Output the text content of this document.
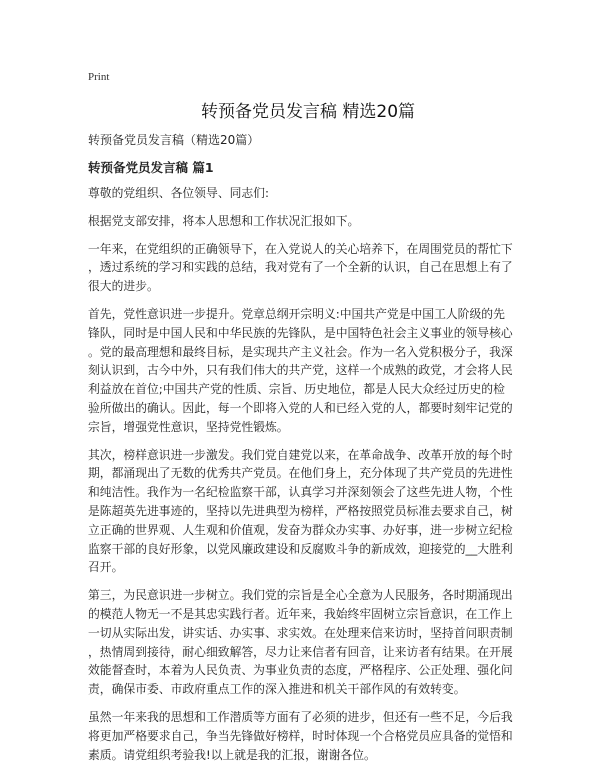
Print
转预备党员发言稿 精选20篇
转预备党员发言稿（精选20篇）
转预备党员发言稿 篇1
尊敬的党组织、各位领导、同志们:
根据党支部安排，将本人思想和工作状况汇报如下。
一年来，在党组织的正确领导下，在入党说人的关心培养下，在周围党员的帮忙下
，透过系统的学习和实践的总结，我对党有了一个全新的认识，自己在思想上有了
很大的进步。
首先，党性意识进一步提升。党章总纲开宗明义:中国共产党是中国工人阶级的先
锋队，同时是中国人民和中华民族的先锋队，是中国特色社会主义事业的领导核心
。党的最高理想和最终目标，是实现共产主义社会。作为一名入党积极分子，我深
刻认识到，古今中外，只有我们伟大的共产党，这样一个成熟的政党，才会将人民
利益放在首位;中国共产党的性质、宗旨、历史地位，都是人民大众经过历史的检
验所做出的确认。因此，每一个即将入党的人和已经入党的人，都要时刻牢记党的
宗旨，增强党性意识，坚持党性锻炼。
其次，榜样意识进一步激发。我们党自建党以来，在革命战争、改革开放的每个时
期，都涌现出了无数的优秀共产党员。在他们身上，充分体现了共产党员的先进性
和纯洁性。我作为一名纪检监察干部，认真学习并深刻领会了这些先进人物，个性
是陈超英先进事迹的，坚持以先进典型为榜样，严格按照党员标准去要求自己，树
立正确的世界观、人生观和价值观，发奋为群众办实事、办好事，进一步树立纪检
监察干部的良好形象，以党风廉政建设和反腐败斗争的新成效，迎接党的__大胜利
召开。
第三，为民意识进一步树立。我们党的宗旨是全心全意为人民服务，各时期涌现出
的模范人物无一不是其忠实践行者。近年来，我始终牢固树立宗旨意识，在工作上
一切从实际出发，讲实话、办实事、求实效。在处理来信来访时，坚持首问职责制
，热情周到接待，耐心细致解答，尽力让来信者有回音，让来访者有结果。在开展
效能督查时，本着为人民负责、为事业负责的态度，严格程序、公正处理、强化问
责，确保市委、市政府重点工作的深入推进和机关干部作风的有效转变。
虽然一年来我的思想和工作潜质等方面有了必须的进步，但还有一些不足，今后我
将更加严格要求自己，争当先锋做好榜样，时时体现一个合格党员应具备的觉悟和
素质。请党组织考验我!以上就是我的汇报，谢谢各位。
